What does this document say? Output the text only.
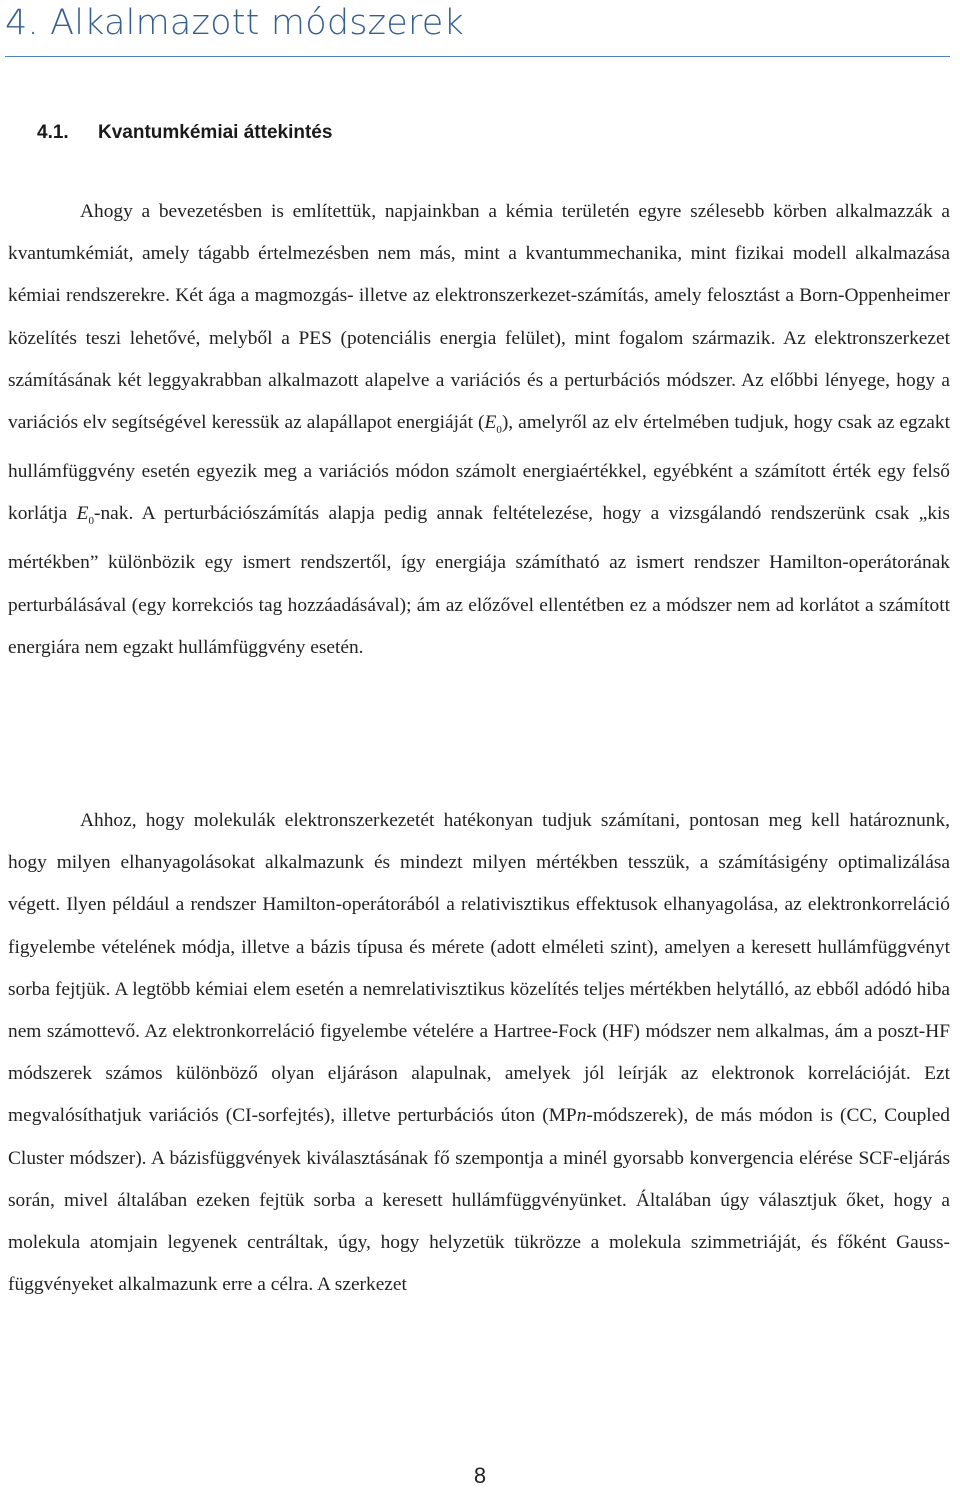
4. Alkalmazott módszerek
4.1. Kvantumkémiai áttekintés

Ahogy a bevezetésben is említettük, napjainkban a kémia területén egyre szélesebb körben alkalmazzák a kvantumkémiát, amely tágabb értelmezésben nem más, mint a kvantummechanika, mint fizikai modell alkalmazása kémiai rendszerekre. Két ága a magmozgás- illetve az elektronszerkezet-számítás, amely felosztást a Born-Oppenheimer közelítés teszi lehetővé, melyből a PES (potenciális energia felület), mint fogalom származik. Az elektronszerkezet számításának két leggyakrabban alkalmazott alapelve a variációs és a perturbációs módszer. Az előbbi lényege, hogy a variációs elv segítségével keressük az alapállapot energiáját $(E_0)$, amelyről az elv értelmében tudjuk, hogy csak az egzakt hullámfüggvény esetén egyezik meg a variációs módon számolt energiaértékkel, egyébként a számított érték egy felső korlátja $E_0$-nak. A perturbációszámítás alapja pedig annak feltételezése, hogy a vizsgálandó rendszerünk csak „kis mértékben” különbözik egy ismert rendszertől, így energiája számítható az ismert rendszer Hamilton-operátorának perturbálásával (egy korrekciós tag hozzáadásával); ám az előzővel ellentétben ez a módszer nem ad korlátot a számított energiára nem egzakt hullámfüggvény esetén.

Ahhoz, hogy molekulák elektronszerkezetét hatékonyan tudjuk számítani, pontosan meg kell határoznunk, hogy milyen elhanyagolásokat alkalmazunk és mindezt milyen mértékben tesszük, a számításigény optimalizálása végett. Ilyen például a rendszer Hamilton-operátorából a relativisztikus effektusok elhanyagolása, az elektronkorreláció figyelembe vételének módja, illetve a bázis típusa és mérete (adott elméleti szint), amelyen a keresett hullámfüggvényt sorba fejtjük. A legtöbb kémiai elem esetén a nemrelativisztikus közelítés teljes mértékben helytálló, az ebből adódó hiba nem számottevő. Az elektronkorreláció figyelembe vételére a Hartree-Fock (HF) módszer nem alkalmas, ám a poszt-HF módszerek számos különböző olyan eljáráson alapulnak, amelyek jól leírják az elektronok korrelációját. Ezt megvalósíthatjuk variációs (CI-sorfejtés), illetve perturbációs úton (MPn-módszerek), de más módon is (CC, Coupled Cluster módszer). A bázisfüggvények kiválasztásának fő szempontja a minél gyorsabb konvergencia elérése SCF-eljárás során, mivel általában ezeken fejtük sorba a keresett hullámfüggvényünket. Általában úgy választjuk őket, hogy a molekula atomjain legyenek centráltak, úgy, hogy helyzetük tükrözze a molekula szimmetriáját, és főként Gauss-függvényeket alkalmazunk erre a célra. A szerkezet

8
